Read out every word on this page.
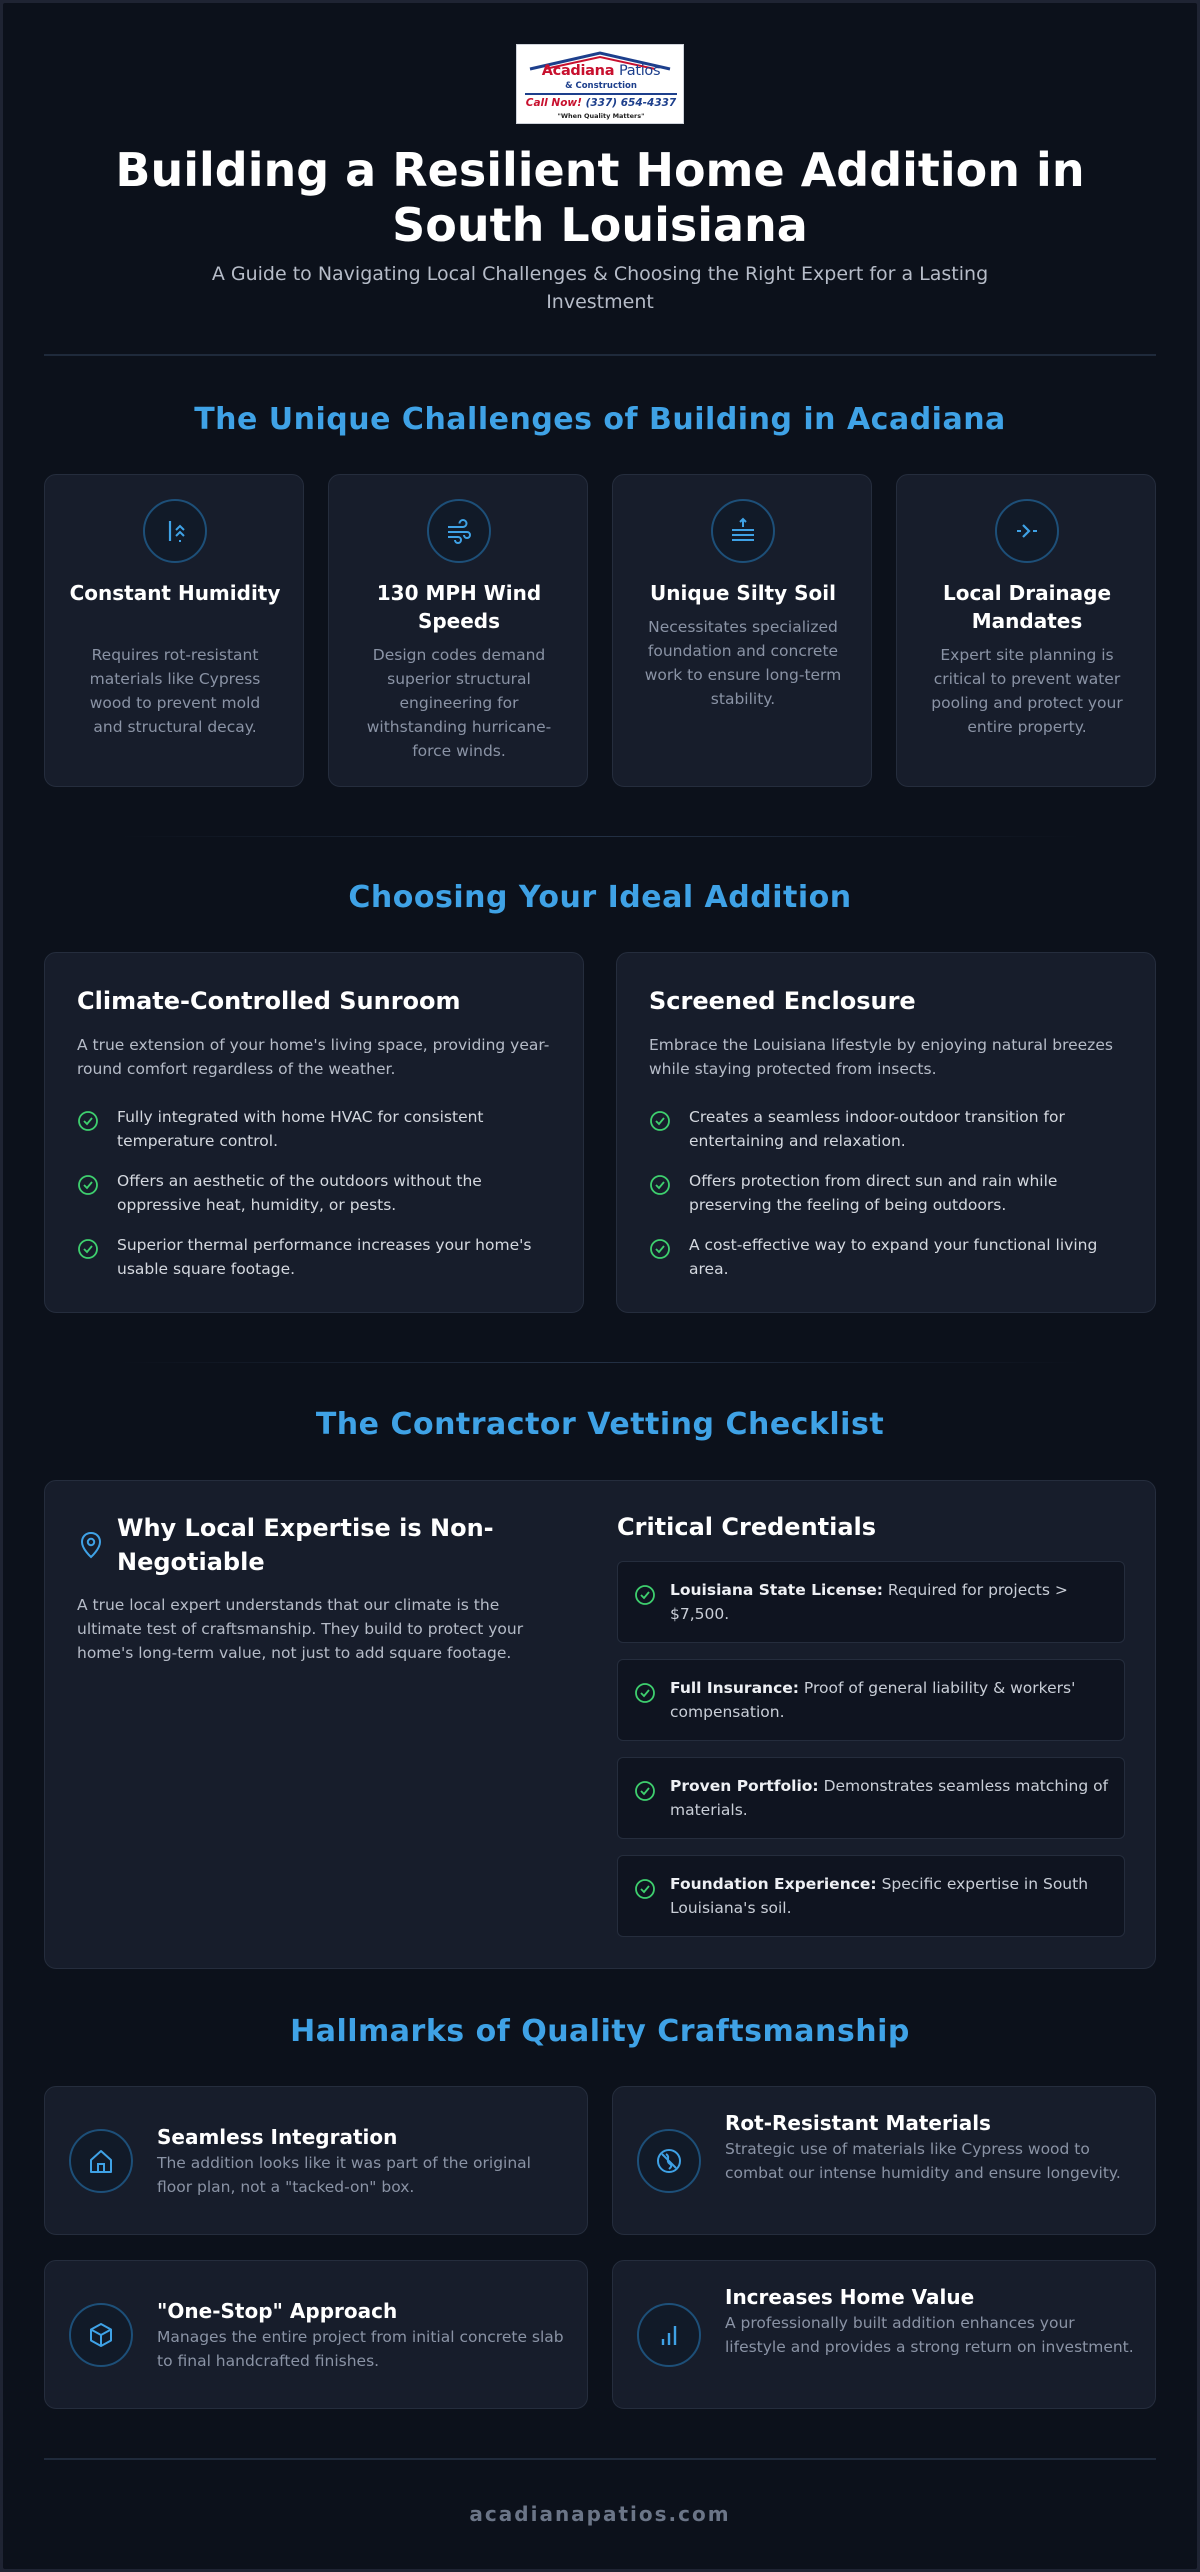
Acadiana Patios
& Construction
Call Now! (337) 654-4337
"When Quality Matters"
Building a Resilient Home Addition in South Louisiana

A Guide to Navigating Local Challenges & Choosing the Right Expert for a Lasting Investment

The Unique Challenges of Building in Acadiana
Constant Humidity
Requires rot-resistant materials like Cypress wood to prevent mold and structural decay.
130 MPH Wind Speeds
Design codes demand superior structural engineering for withstanding hurricane-force winds.
Unique Silty Soil
Necessitates specialized foundation and concrete work to ensure long-term stability.
Local Drainage Mandates
Expert site planning is critical to prevent water pooling and protect your entire property.
Choosing Your Ideal Addition
Climate-Controlled Sunroom
A true extension of your home's living space, providing year-round comfort regardless of the weather.
Fully integrated with home HVAC for consistent temperature control.
Offers an aesthetic of the outdoors without the oppressive heat, humidity, or pests.
Superior thermal performance increases your home's usable square footage.
Screened Enclosure
Embrace the Louisiana lifestyle by enjoying natural breezes while staying protected from insects.
Creates a seamless indoor-outdoor transition for entertaining and relaxation.
Offers protection from direct sun and rain while preserving the feeling of being outdoors.
A cost-effective way to expand your functional living area.
The Contractor Vetting Checklist
Why Local Expertise is Non-Negotiable
A true local expert understands that our climate is the ultimate test of craftsmanship. They build to protect your home's long-term value, not just to add square footage.
Critical Credentials
Louisiana State License: Required for projects > $7,500.
Full Insurance: Proof of general liability & workers' compensation.
Proven Portfolio: Demonstrates seamless matching of materials.
Foundation Experience: Specific expertise in South Louisiana's soil.
Hallmarks of Quality Craftsmanship
Seamless Integration
The addition looks like it was part of the original floor plan, not a "tacked-on" box.
Rot-Resistant Materials
Strategic use of materials like Cypress wood to combat our intense humidity and ensure longevity.
"One-Stop" Approach
Manages the entire project from initial concrete slab to final handcrafted finishes.
Increases Home Value
A professionally built addition enhances your lifestyle and provides a strong return on investment.
acadianapatios.com
